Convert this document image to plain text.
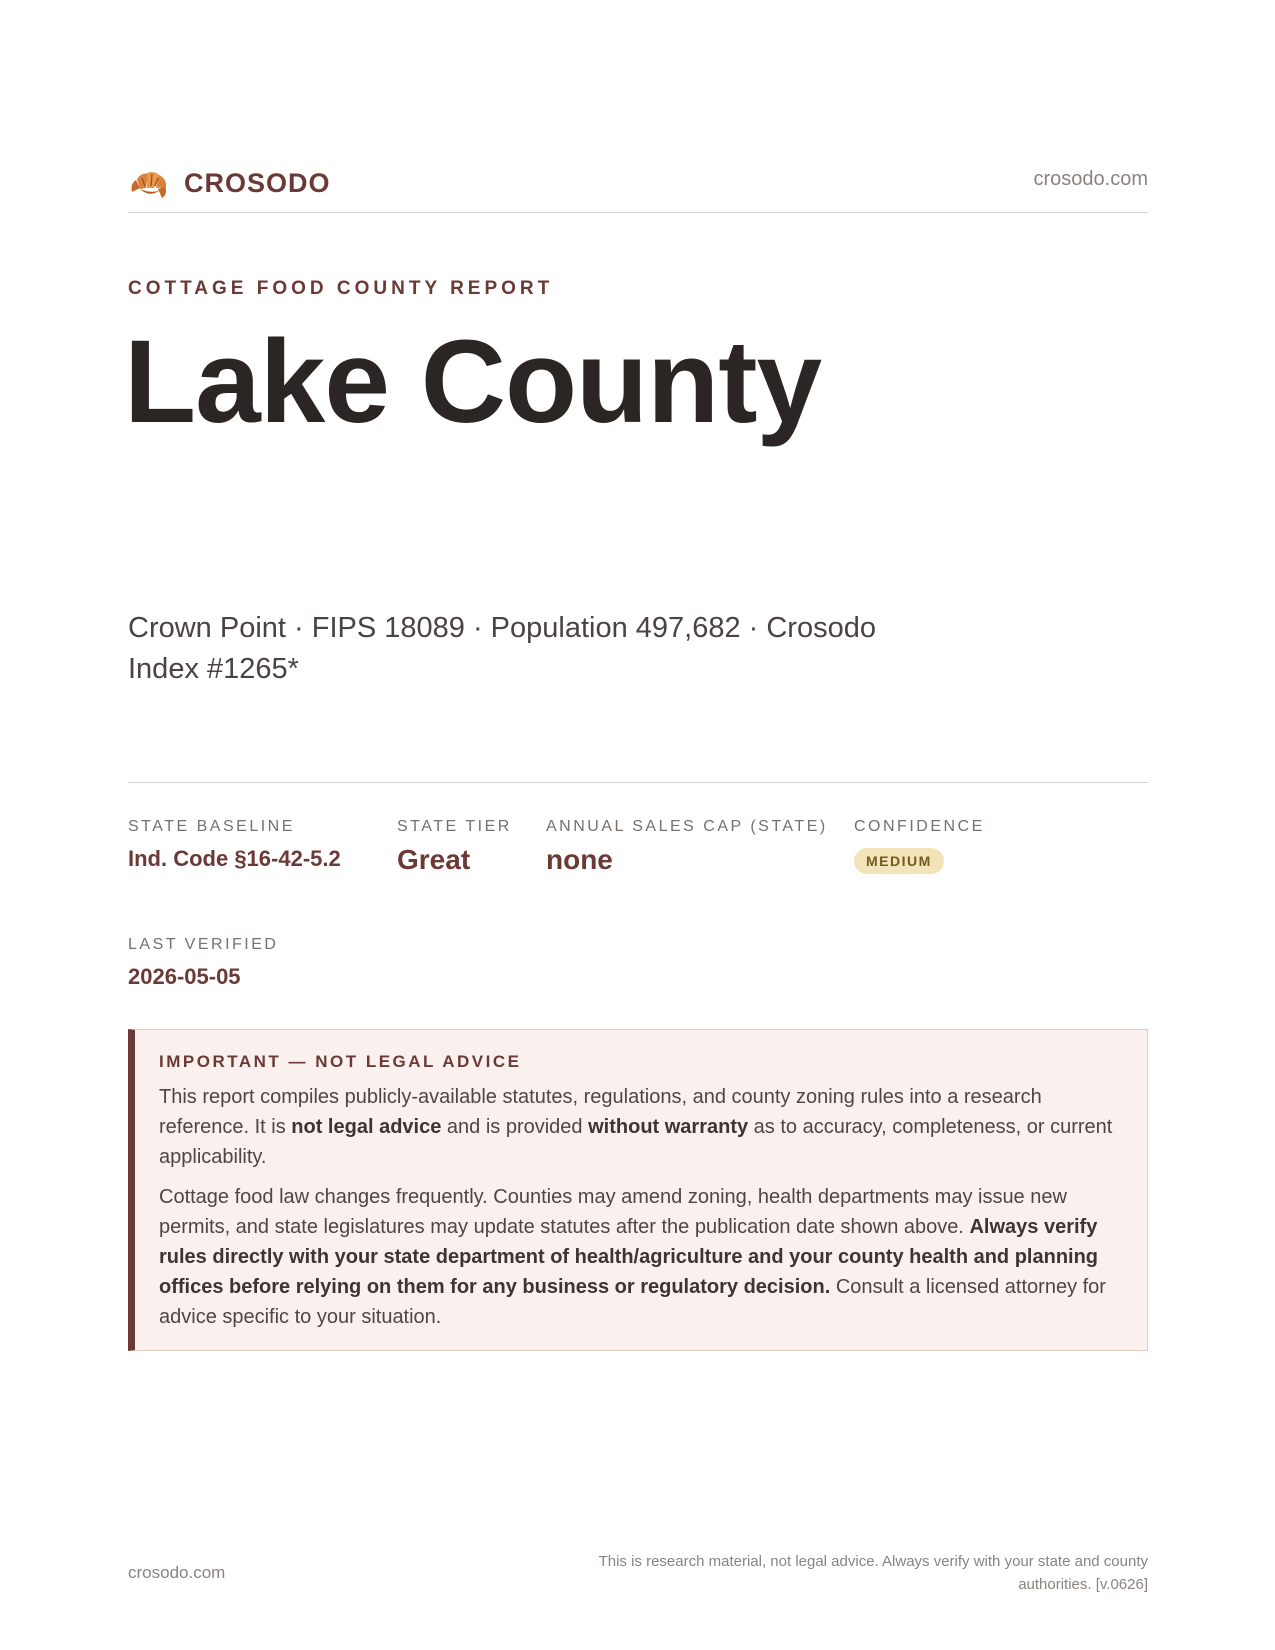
CROSODO	crosodo.com
COTTAGE FOOD COUNTY REPORT
Lake County
Crown Point · FIPS 18089 · Population 497,682 · Crosodo Index #1265*
STATE BASELINE
Ind. Code §16-42-5.2
STATE TIER
Great
ANNUAL SALES CAP (STATE)
none
CONFIDENCE
MEDIUM
LAST VERIFIED
2026-05-05
IMPORTANT — NOT LEGAL ADVICE

This report compiles publicly-available statutes, regulations, and county zoning rules into a research reference. It is not legal advice and is provided without warranty as to accuracy, completeness, or current applicability.

Cottage food law changes frequently. Counties may amend zoning, health departments may issue new permits, and state legislatures may update statutes after the publication date shown above. Always verify rules directly with your state department of health/agriculture and your county health and planning offices before relying on them for any business or regulatory decision. Consult a licensed attorney for advice specific to your situation.

crosodo.com
This is research material, not legal advice. Always verify with your state and county authorities. [v.0626]
